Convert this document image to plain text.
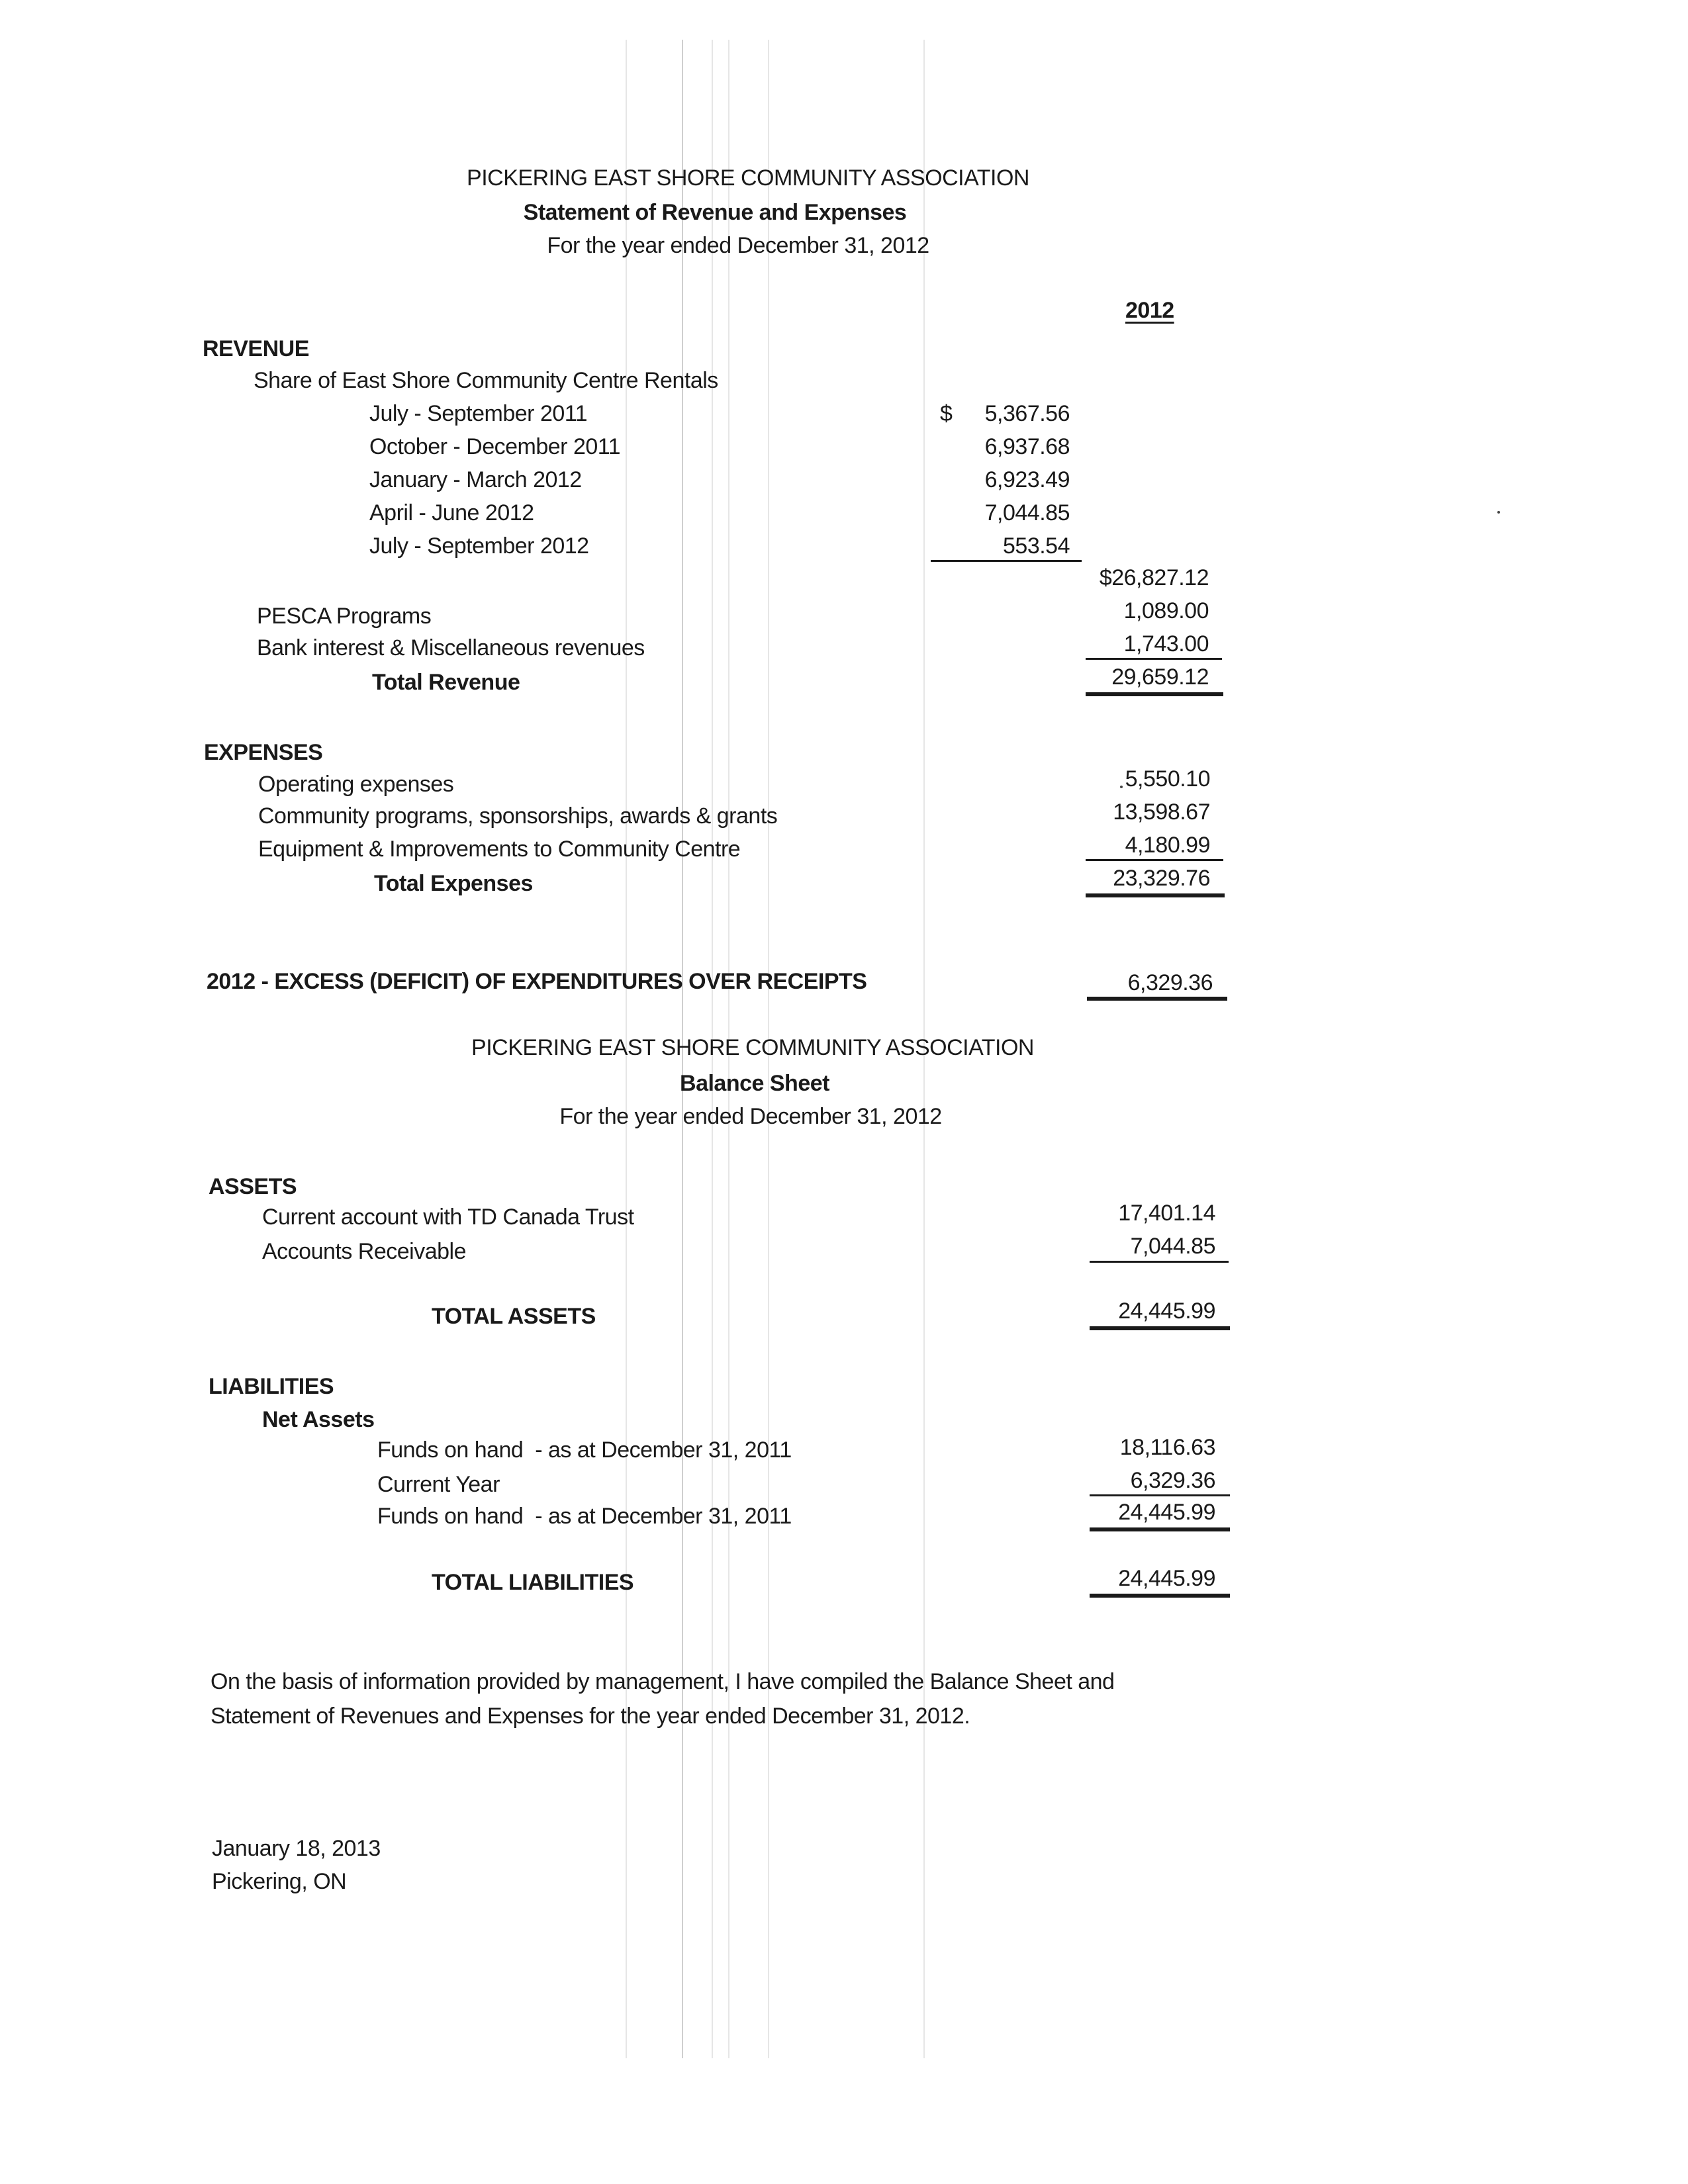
PICKERING EAST SHORE COMMUNITY ASSOCIATION
Statement of Revenue and Expenses
For the year ended December 31, 2012
2012
REVENUE
Share of East Shore Community Centre Rentals
July - September 2011	$	5,367.56
October - December 2011	6,937.68
January - March 2012	6,923.49
April - June 2012	7,044.85
July - September 2012	553.54
$26,827.12
PESCA Programs	1,089.00
Bank interest & Miscellaneous revenues	1,743.00
Total Revenue	29,659.12
EXPENSES
Operating expenses	5,550.10
Community programs, sponsorships, awards & grants	13,598.67
Equipment & Improvements to Community Centre	4,180.99
Total Expenses	23,329.76
2012 - EXCESS (DEFICIT) OF EXPENDITURES OVER RECEIPTS	6,329.36
PICKERING EAST SHORE COMMUNITY ASSOCIATION
Balance Sheet
For the year ended December 31, 2012
ASSETS
Current account with TD Canada Trust	17,401.14
Accounts Receivable	7,044.85
TOTAL ASSETS	24,445.99
LIABILITIES
Net Assets
Funds on hand  - as at December 31, 2011	18,116.63
Current Year	6,329.36
Funds on hand  - as at December 31, 2011	24,445.99
TOTAL LIABILITIES	24,445.99
On the basis of information provided by management, I have compiled the Balance Sheet and
Statement of Revenues and Expenses for the year ended December 31, 2012.
January 18, 2013
Pickering, ON
